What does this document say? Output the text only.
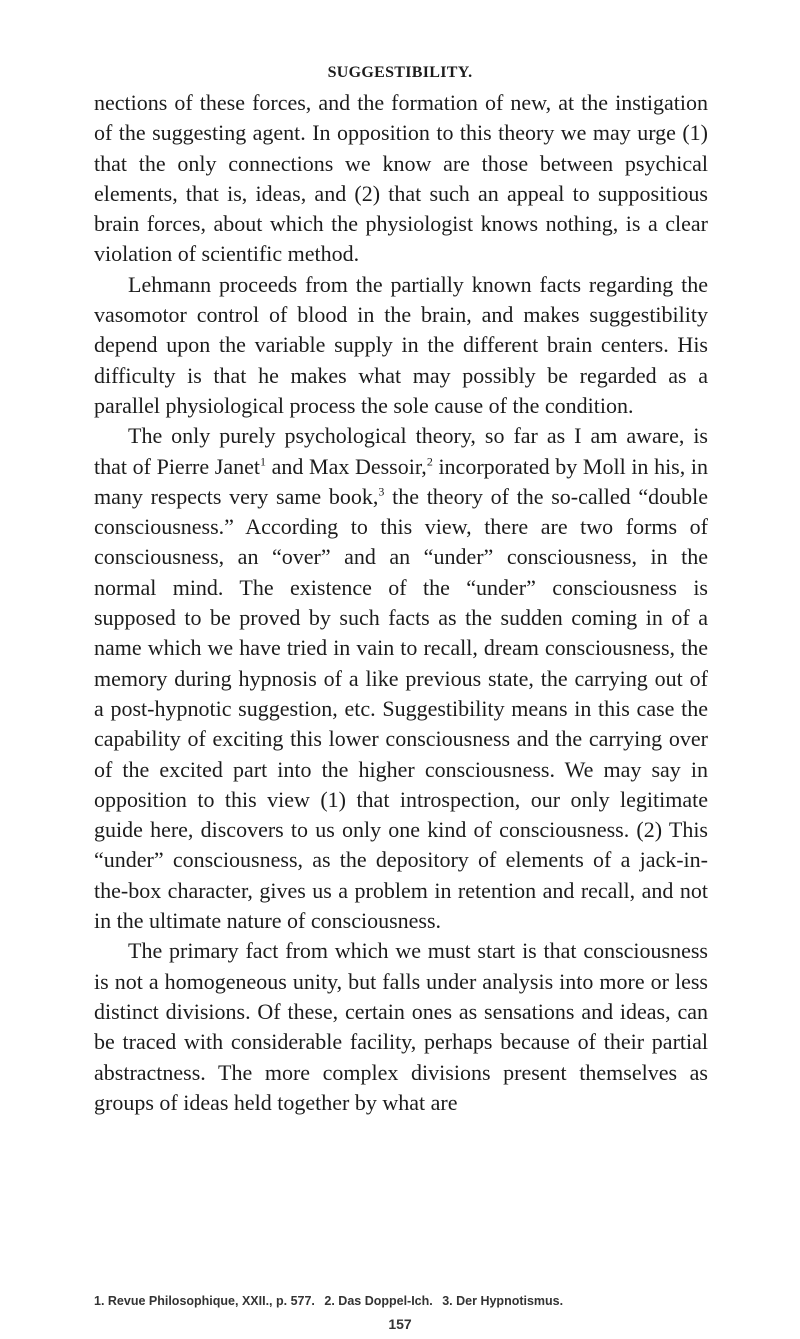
SUGGESTIBILITY.

nections of these forces, and the formation of new, at the instigation of the suggesting agent. In opposition to this theory we may urge (1) that the only connections we know are those between psychical elements, that is, ideas, and (2) that such an appeal to suppositious brain forces, about which the physiologist knows nothing, is a clear violation of scientific method.

Lehmann proceeds from the partially known facts regarding the vasomotor control of blood in the brain, and makes suggestibility depend upon the variable supply in the different brain centers. His difficulty is that he makes what may possibly be regarded as a parallel physiological process the sole cause of the condition.

The only purely psychological theory, so far as I am aware, is that of Pierre Janet$^1$ and Max Dessoir,$^2$ incorporated by Moll in his, in many respects very same book,$^3$ the theory of the so-called “double consciousness.” According to this view, there are two forms of consciousness, an “over” and an “under” consciousness, in the normal mind. The existence of the “under” consciousness is supposed to be proved by such facts as the sudden coming in of a name which we have tried in vain to recall, dream consciousness, the memory during hypnosis of a like previous state, the carrying out of a post-hypnotic suggestion, etc. Suggestibility means in this case the capability of exciting this lower consciousness and the carrying over of the excited part into the higher consciousness. We may say in opposition to this view (1) that introspection, our only legitimate guide here, discovers to us only one kind of consciousness. (2) This “under” consciousness, as the depository of elements of a jack-in-the-box character, gives us a problem in retention and recall, and not in the ultimate nature of consciousness.

The primary fact from which we must start is that consciousness is not a homogeneous unity, but falls under analysis into more or less distinct divisions. Of these, certain ones as sensations and ideas, can be traced with considerable facility, perhaps because of their partial abstractness. The more complex divisions present themselves as groups of ideas held together by what are

1. Revue Philosophique, XXII., p. 577. 2. Das Doppel-Ich. 3. Der Hypnotismus.
157
